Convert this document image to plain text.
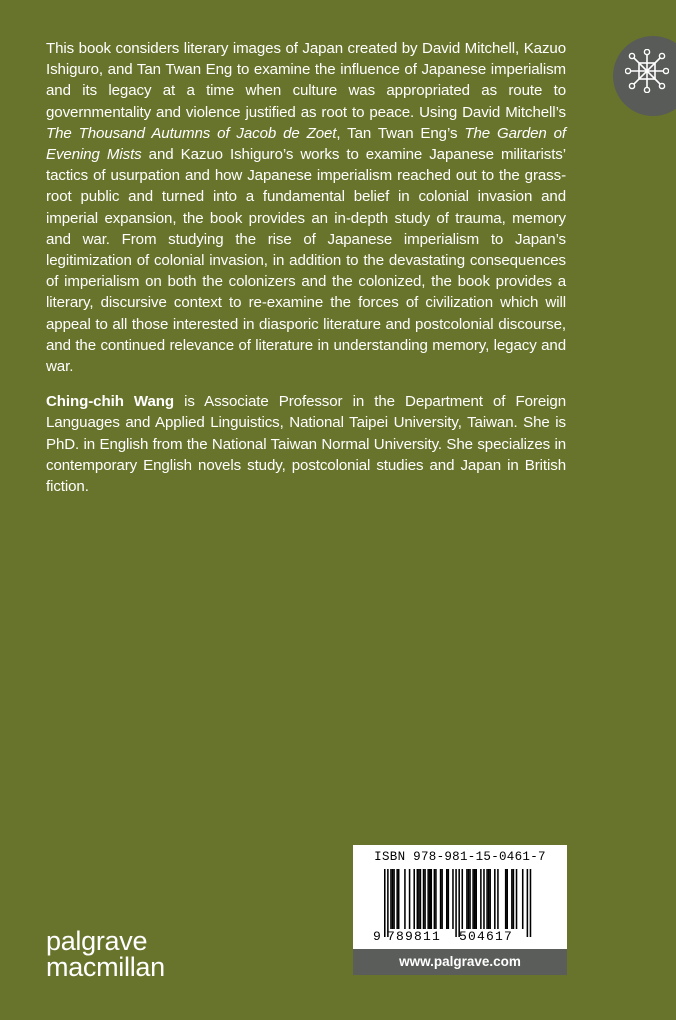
This book considers literary images of Japan created by David Mitchell, Kazuo Ishiguro, and Tan Twan Eng to examine the influence of Japanese imperialism and its legacy at a time when culture was appropriated as route to governmentality and violence justified as root to peace. Using David Mitchell’s The Thousand Autumns of Jacob de Zoet, Tan Twan Eng’s The Garden of Evening Mists and Kazuo Ishiguro’s works to examine Japanese militarists’ tactics of usurpation and how Japanese imperialism reached out to the grass-root public and turned into a fundamental belief in colonial invasion and imperial expansion, the book provides an in-depth study of trauma, memory and war. From studying the rise of Japanese imperialism to Japan’s legitimization of colonial invasion, in addition to the devastating consequences of imperialism on both the colonizers and the colonized, the book provides a literary, discursive context to re-examine the forces of civilization which will appeal to all those interested in diasporic literature and postcolonial discourse, and the continued relevance of literature in understanding memory, legacy and war.

Ching-chih Wang is Associate Professor in the Department of Foreign Languages and Applied Linguistics, National Taipei University, Taiwan. She is PhD. in English from the National Taiwan Normal University. She specializes in contemporary English novels study, postcolonial studies and Japan in British fiction.

palgrave
macmillan
ISBN 978-981-15-0461-7
9 789811 504617
www.palgrave.com
